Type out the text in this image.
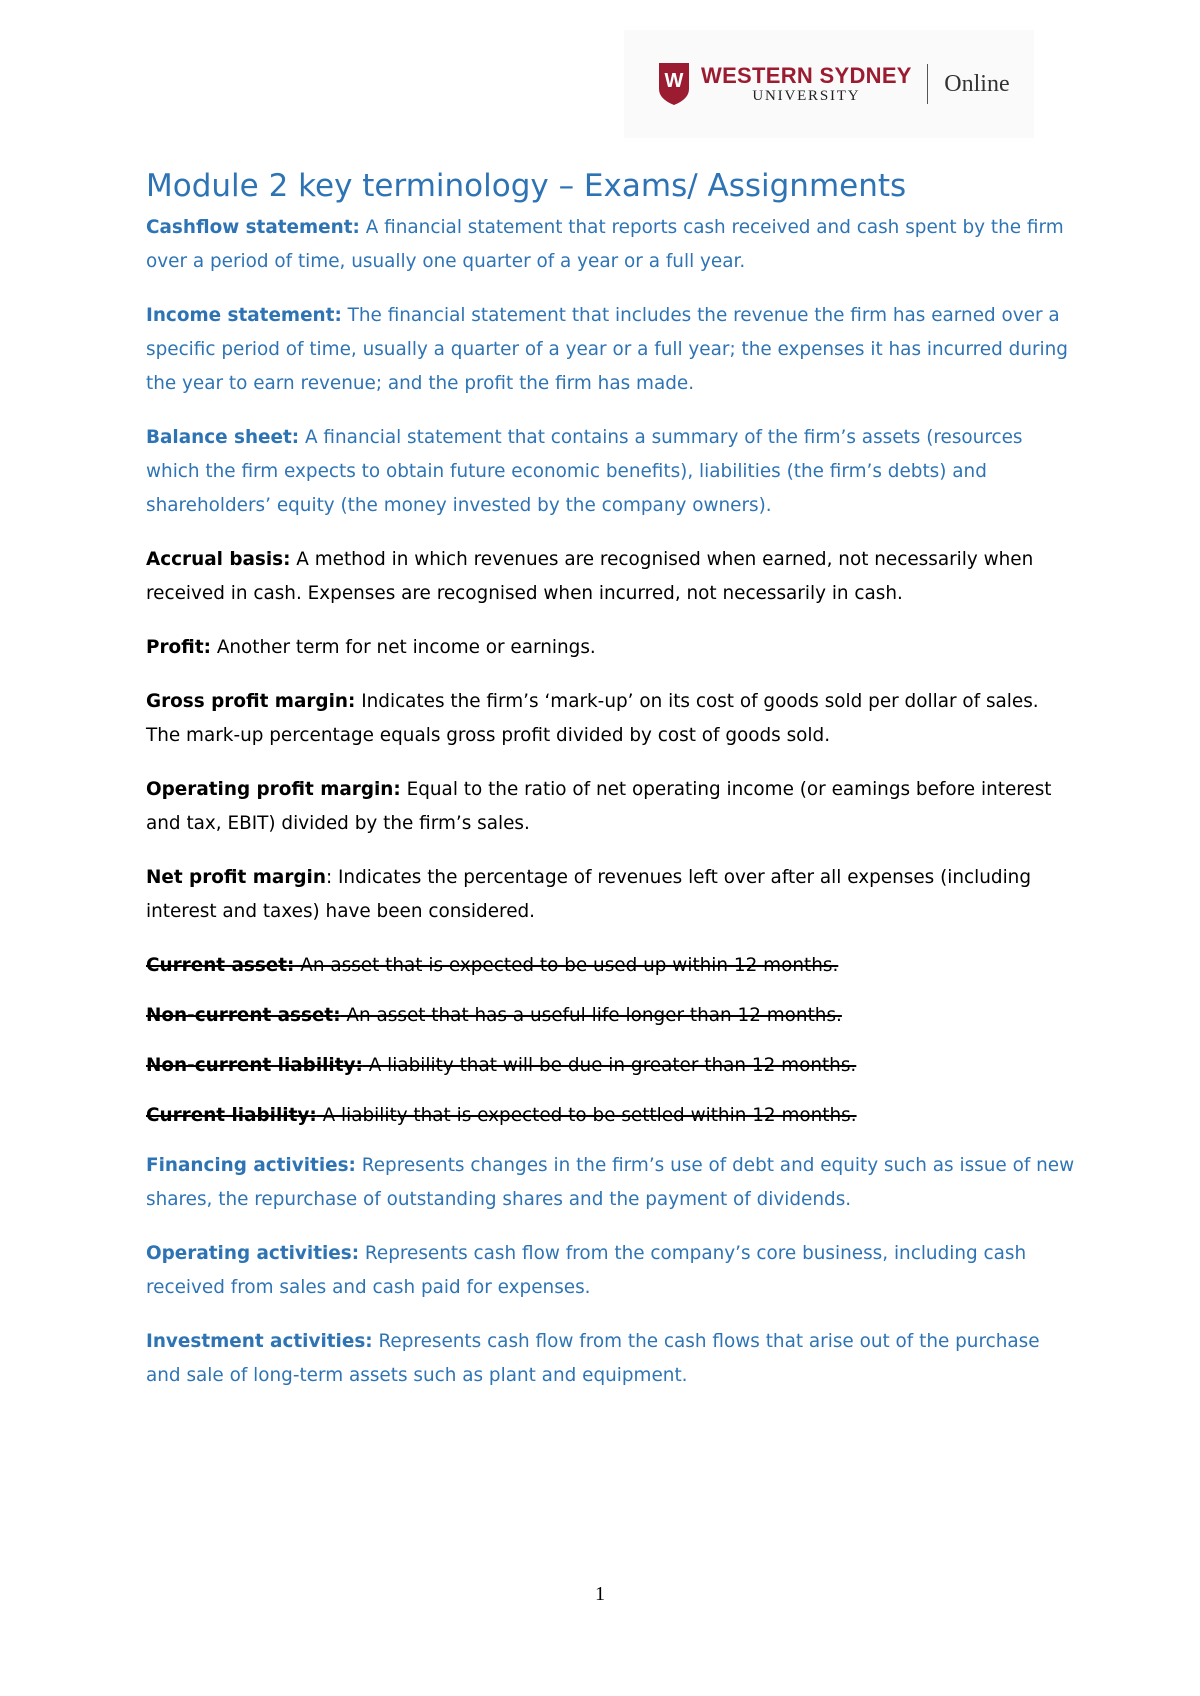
W WESTERN SYDNEY
UNIVERSITY	Online
Module 2 key terminology – Exams/ Assignments

Cashflow statement: A financial statement that reports cash received and cash spent by the firm over a period of time, usually one quarter of a year or a full year.

Income statement: The financial statement that includes the revenue the firm has earned over a specific period of time, usually a quarter of a year or a full year; the expenses it has incurred during the year to earn revenue; and the profit the firm has made.

Balance sheet: A financial statement that contains a summary of the firm’s assets (resources which the firm expects to obtain future economic benefits), liabilities (the firm’s debts) and shareholders’ equity (the money invested by the company owners).

Accrual basis: A method in which revenues are recognised when earned, not necessarily when received in cash. Expenses are recognised when incurred, not necessarily in cash.

Profit: Another term for net income or earnings.

Gross profit margin: Indicates the firm’s ‘mark-up’ on its cost of goods sold per dollar of sales. The mark-up percentage equals gross profit divided by cost of goods sold.

Operating profit margin: Equal to the ratio of net operating income (or eamings before interest and tax, EBIT) divided by the firm’s sales.

Net profit margin: Indicates the percentage of revenues left over after all expenses (including interest and taxes) have been considered.

Current asset: An asset that is expected to be used up within 12 months.

Non-current asset: An asset that has a useful life longer than 12 months.

Non-current liability: A liability that will be due in greater than 12 months.

Current liability: A liability that is expected to be settled within 12 months.

Financing activities: Represents changes in the firm’s use of debt and equity such as issue of new shares, the repurchase of outstanding shares and the payment of dividends.

Operating activities: Represents cash flow from the company’s core business, including cash received from sales and cash paid for expenses.

Investment activities: Represents cash flow from the cash flows that arise out of the purchase and sale of long-term assets such as plant and equipment.

1
